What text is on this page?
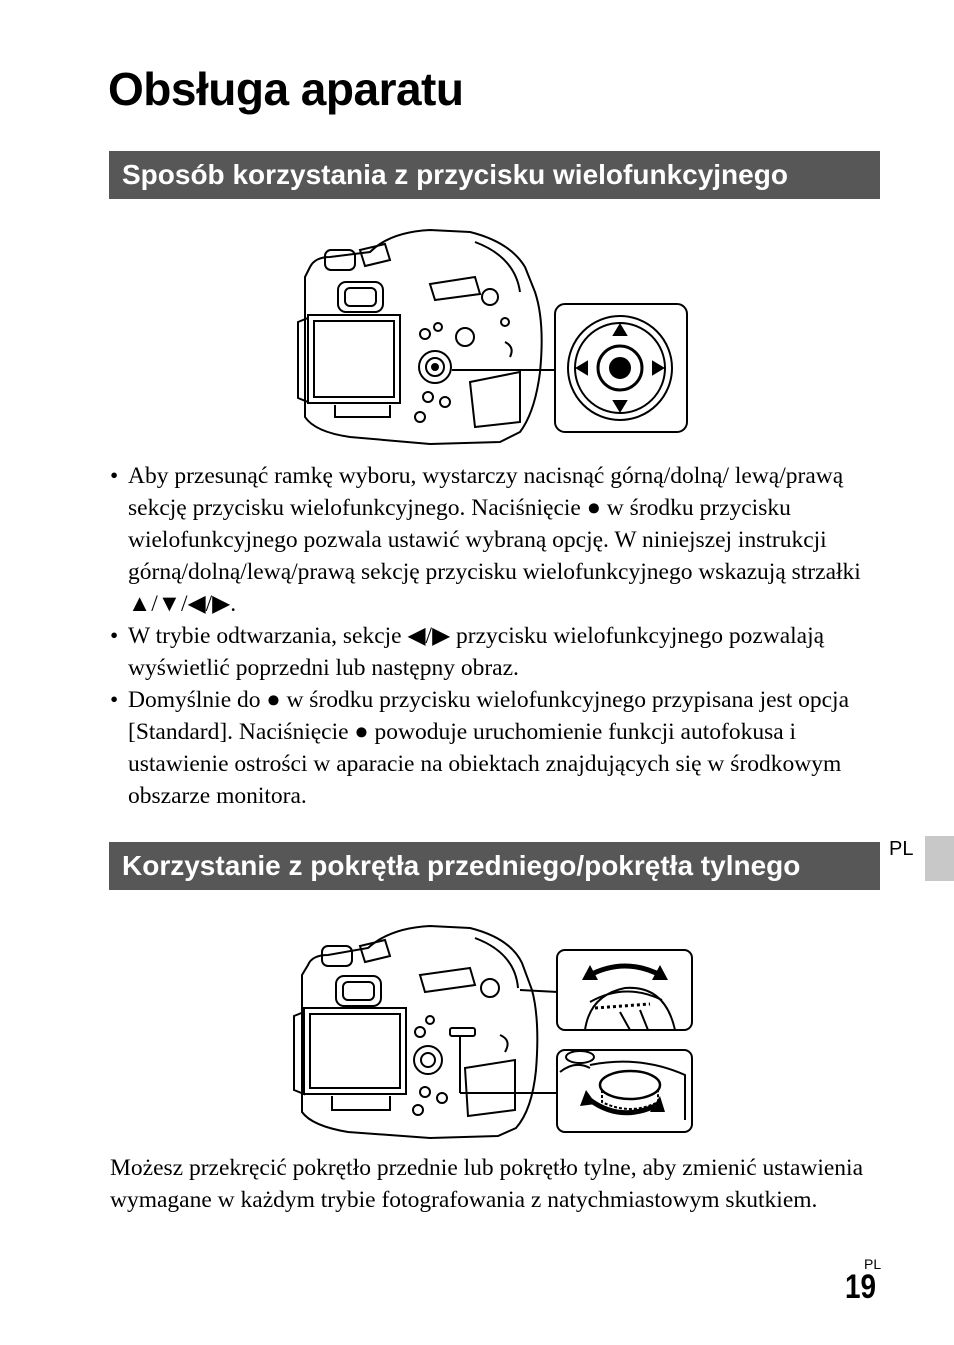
Obsługa aparatu
Sposób korzystania z przycisku wielofunkcyjnego
• Aby przesunąć ramkę wyboru, wystarczy nacisnąć górną/dolną/ lewą/prawą sekcję przycisku wielofunkcyjnego. Naciśnięcie ● w środku przycisku wielofunkcyjnego pozwala ustawić wybraną opcję. W niniejszej instrukcji górną/dolną/lewą/prawą sekcję przycisku wielofunkcyjnego wskazują strzałki ▲/▼/◀/▶.
• W trybie odtwarzania, sekcje ◀/▶ przycisku wielofunkcyjnego pozwalają wyświetlić poprzedni lub następny obraz.
• Domyślnie do ● w środku przycisku wielofunkcyjnego przypisana jest opcja [Standard]. Naciśnięcie ● powoduje uruchomienie funkcji autofokusa i ustawienie ostrości w aparacie na obiektach znajdujących się w środkowym obszarze monitora.
Korzystanie z pokrętła przedniego/pokrętła tylnego
PL

Możesz przekręcić pokrętło przednie lub pokrętło tylne, aby zmienić ustawienia wymagane w każdym trybie fotografowania z natychmiastowym skutkiem.

PL
19
